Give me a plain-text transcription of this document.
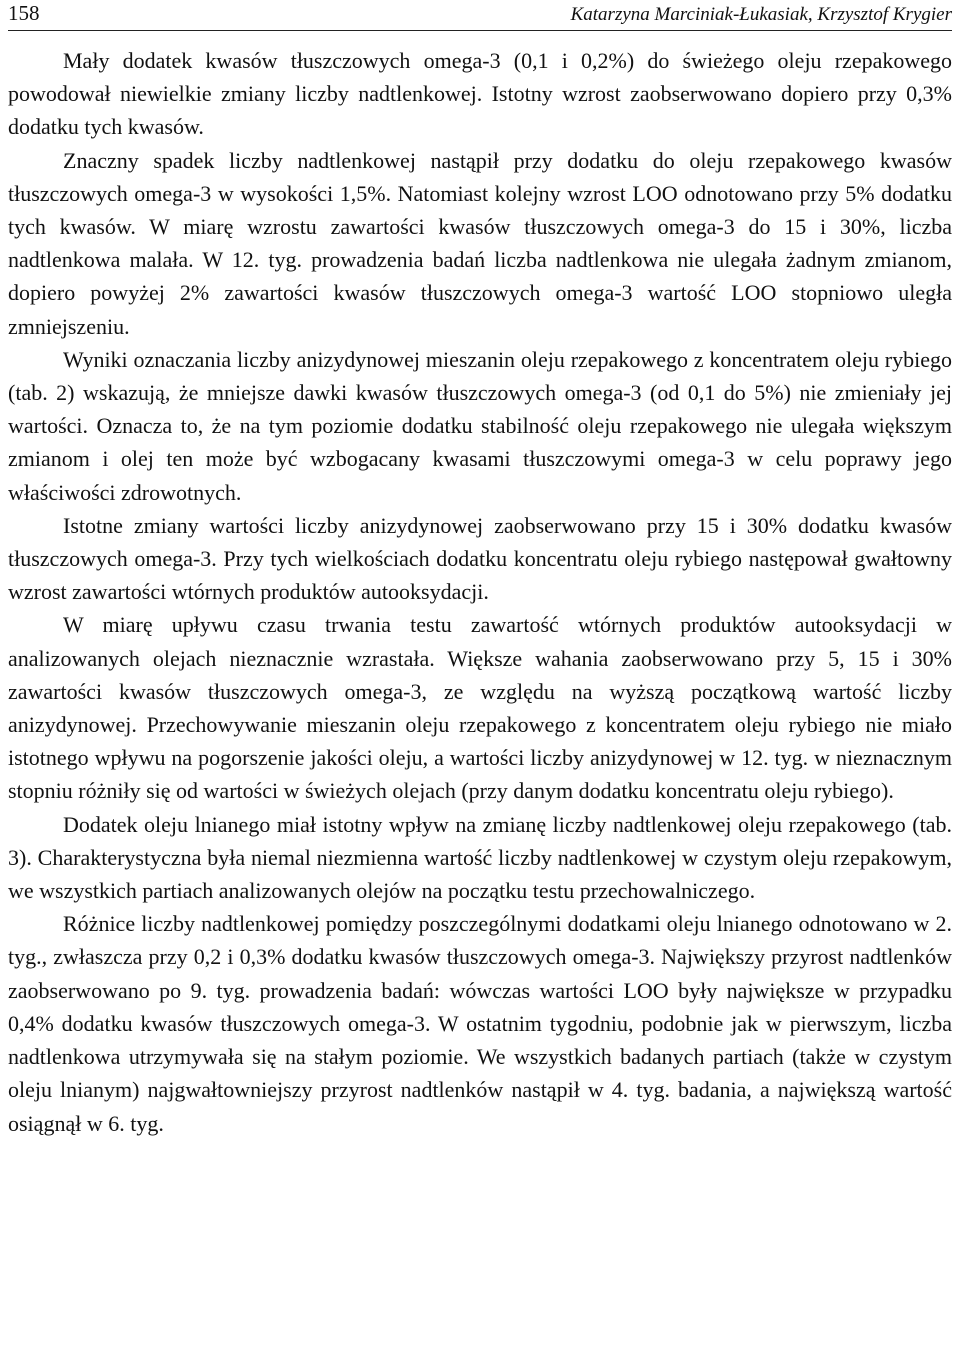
158	Katarzyna Marciniak-Łukasiak, Krzysztof Krygier

Mały dodatek kwasów tłuszczowych omega-3 (0,1 i 0,2%) do świeżego oleju rzepakowego powodował niewielkie zmiany liczby nadtlenkowej. Istotny wzrost zaobserwowano dopiero przy 0,3% dodatku tych kwasów.

Znaczny spadek liczby nadtlenkowej nastąpił przy dodatku do oleju rzepakowego kwasów tłuszczowych omega-3 w wysokości 1,5%. Natomiast kolejny wzrost LOO odnotowano przy 5% dodatku tych kwasów. W miarę wzrostu zawartości kwasów tłuszczowych omega-3 do 15 i 30%, liczba nadtlenkowa malała. W 12. tyg. prowadzenia badań liczba nadtlenkowa nie ulegała żadnym zmianom, dopiero powyżej 2% zawartości kwasów tłuszczowych omega-3 wartość LOO stopniowo uległa zmniejszeniu.

Wyniki oznaczania liczby anizydynowej mieszanin oleju rzepakowego z koncentratem oleju rybiego (tab. 2) wskazują, że mniejsze dawki kwasów tłuszczowych omega-3 (od 0,1 do 5%) nie zmieniały jej wartości. Oznacza to, że na tym poziomie dodatku stabilność oleju rzepakowego nie ulegała większym zmianom i olej ten może być wzbogacany kwasami tłuszczowymi omega-3 w celu poprawy jego właściwości zdrowotnych.

Istotne zmiany wartości liczby anizydynowej zaobserwowano przy 15 i 30% dodatku kwasów tłuszczowych omega-3. Przy tych wielkościach dodatku koncentratu oleju rybiego następował gwałtowny wzrost zawartości wtórnych produktów autooksydacji.

W miarę upływu czasu trwania testu zawartość wtórnych produktów autooksydacji w analizowanych olejach nieznacznie wzrastała. Większe wahania zaobserwowano przy 5, 15 i 30% zawartości kwasów tłuszczowych omega-3, ze względu na wyższą początkową wartość liczby anizydynowej. Przechowywanie mieszanin oleju rzepakowego z koncentratem oleju rybiego nie miało istotnego wpływu na pogorszenie jakości oleju, a wartości liczby anizydynowej w 12. tyg. w nieznacznym stopniu różniły się od wartości w świeżych olejach (przy danym dodatku koncentratu oleju rybiego).

Dodatek oleju lnianego miał istotny wpływ na zmianę liczby nadtlenkowej oleju rzepakowego (tab. 3). Charakterystyczna była niemal niezmienna wartość liczby nadtlenkowej w czystym oleju rzepakowym, we wszystkich partiach analizowanych olejów na początku testu przechowalniczego.

Różnice liczby nadtlenkowej pomiędzy poszczególnymi dodatkami oleju lnianego odnotowano w 2. tyg., zwłaszcza przy 0,2 i 0,3% dodatku kwasów tłuszczowych omega-3. Największy przyrost nadtlenków zaobserwowano po 9. tyg. prowadzenia badań: wówczas wartości LOO były największe w przypadku 0,4% dodatku kwasów tłuszczowych omega-3. W ostatnim tygodniu, podobnie jak w pierwszym, liczba nadtlenkowa utrzymywała się na stałym poziomie. We wszystkich badanych partiach (także w czystym oleju lnianym) najgwałtowniejszy przyrost nadtlenków nastąpił w 4. tyg. badania, a największą wartość osiągnął w 6. tyg.
